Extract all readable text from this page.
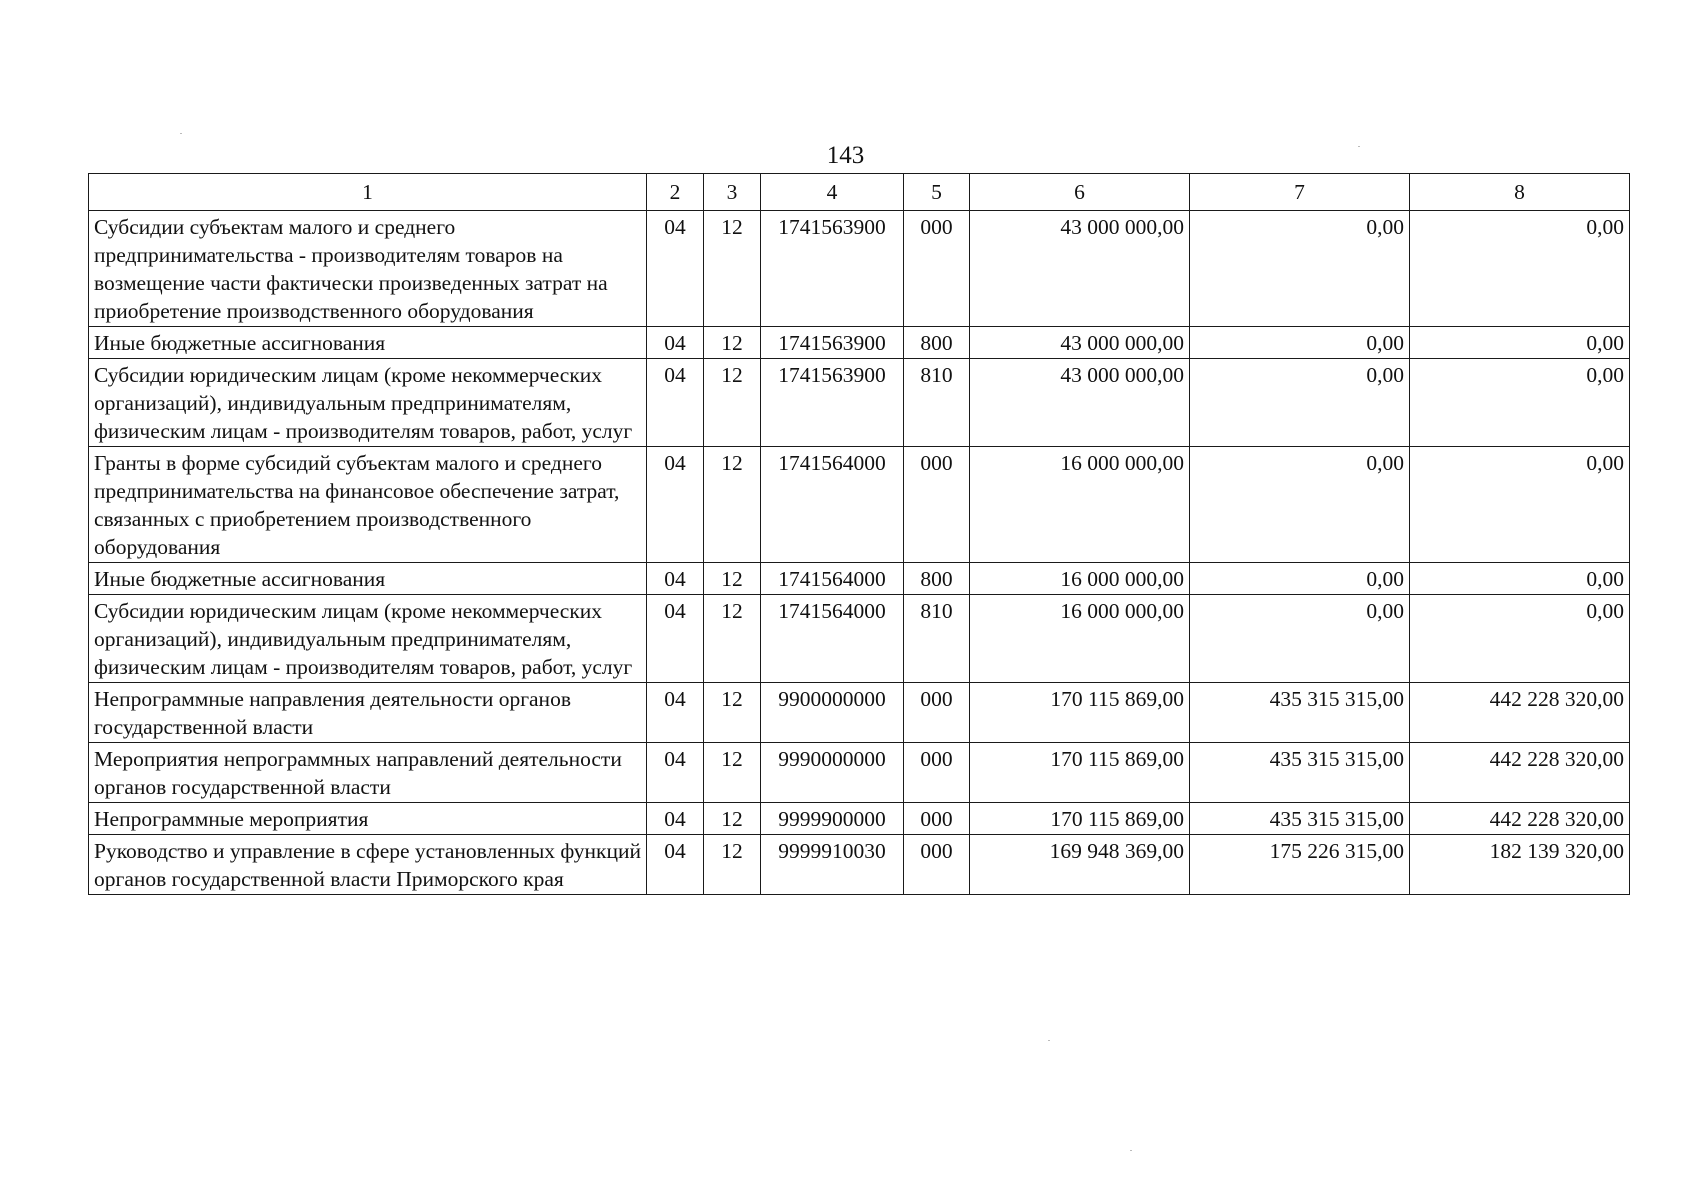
143
1	2	3	4	5	6	7	8
Субсидии субъектам малого и среднего предпринимательства - производителям товаров на возмещение части фактически произведенных затрат на приобретение производственного оборудования	04	12	1741563900	000	43 000 000,00	0,00	0,00
Иные бюджетные ассигнования	04	12	1741563900	800	43 000 000,00	0,00	0,00
Субсидии юридическим лицам (кроме некоммерческих организаций), индивидуальным предпринимателям, физическим лицам - производителям товаров, работ, услуг	04	12	1741563900	810	43 000 000,00	0,00	0,00
Гранты в форме субсидий субъектам малого и среднего предпринимательства на финансовое обеспечение затрат, связанных с приобретением производственного оборудования	04	12	1741564000	000	16 000 000,00	0,00	0,00
Иные бюджетные ассигнования	04	12	1741564000	800	16 000 000,00	0,00	0,00
Субсидии юридическим лицам (кроме некоммерческих организаций), индивидуальным предпринимателям, физическим лицам - производителям товаров, работ, услуг	04	12	1741564000	810	16 000 000,00	0,00	0,00
Непрограммные направления деятельности органов государственной власти	04	12	9900000000	000	170 115 869,00	435 315 315,00	442 228 320,00
Мероприятия непрограммных направлений деятельности органов государственной власти	04	12	9990000000	000	170 115 869,00	435 315 315,00	442 228 320,00
Непрограммные мероприятия	04	12	9999900000	000	170 115 869,00	435 315 315,00	442 228 320,00
Руководство и управление в сфере установленных функций органов государственной власти Приморского края	04	12	9999910030	000	169 948 369,00	175 226 315,00	182 139 320,00
